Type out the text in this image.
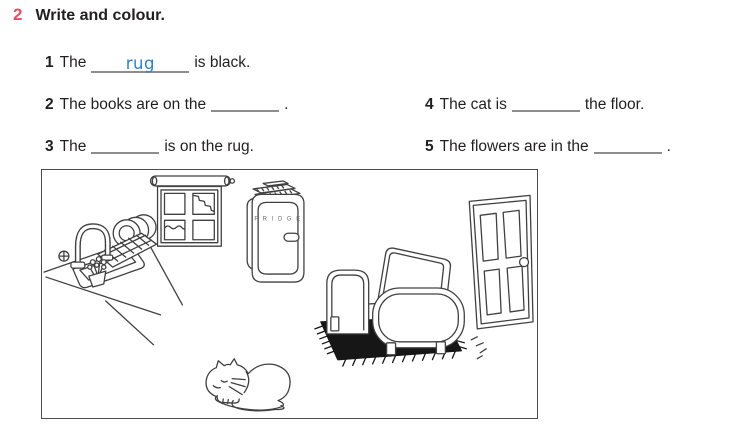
2 Write and colour.
1 The rug	is black.
2 The books are on the	.
3 The	is on the rug.
4 The cat is	the floor.
5 The flowers are in the	.
F R I D G E
